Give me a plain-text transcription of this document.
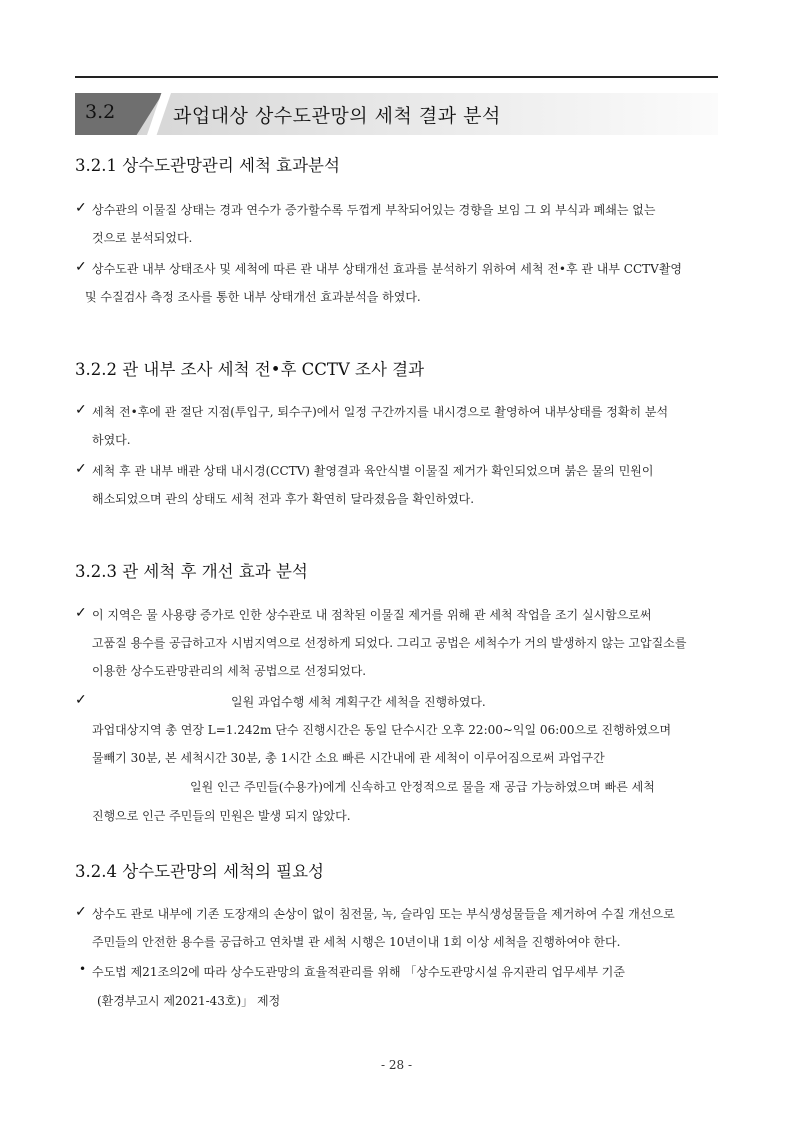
3.2	과업대상 상수도관망의 세척 결과 분석
3.2.1 상수도관망관리 세척 효과분석
✓ 상수관의 이물질 상태는 경과 연수가 증가할수록 두껍게 부착되어있는 경향을 보임 그 외 부식과 폐쇄는 없는
것으로 분석되었다.
✓ 상수도관 내부 상태조사 및 세척에 따른 관 내부 상태개선 효과를 분석하기 위하여 세척 전•후 관 내부 CCTV촬영
및 수질검사 측정 조사를 통한 내부 상태개선 효과분석을 하였다.
3.2.2 관 내부 조사 세척 전•후 CCTV 조사 결과
✓ 세척 전•후에 관 절단 지점(투입구, 퇴수구)에서 일정 구간까지를 내시경으로 촬영하여 내부상태를 정확히 분석
하였다.
✓ 세척 후 관 내부 배관 상태 내시경(CCTV) 촬영결과 육안식별 이물질 제거가 확인되었으며 붉은 물의 민원이
해소되었으며 관의 상태도 세척 전과 후가 확연히 달라졌음을 확인하였다.
3.2.3 관 세척 후 개선 효과 분석
✓ 이 지역은 물 사용량 증가로 인한 상수관로 내 점착된 이물질 제거를 위해 관 세척 작업을 조기 실시함으로써
고품질 용수를 공급하고자 시범지역으로 선정하게 되었다. 그리고 공법은 세척수가 거의 발생하지 않는 고압질소를
이용한 상수도관망관리의 세척 공법으로 선정되었다.
✓	일원 과업수행 세척 계획구간 세척을 진행하였다.
과업대상지역 총 연장 L=1.242m 단수 진행시간은 동일 단수시간 오후 22:00~익일 06:00으로 진행하였으며
물빼기 30분, 본 세척시간 30분, 총 1시간 소요 빠른 시간내에 관 세척이 이루어짐으로써 과업구간
일원 인근 주민들(수용가)에게 신속하고 안정적으로 물을 재 공급 가능하였으며 빠른 세척
진행으로 인근 주민들의 민원은 발생 되지 않았다.
3.2.4 상수도관망의 세척의 필요성
✓ 상수도 관로 내부에 기존 도장재의 손상이 없이 침전물, 녹, 슬라임 또는 부식생성물들을 제거하여 수질 개선으로
주민들의 안전한 용수를 공급하고 연차별 관 세척 시행은 10년이내 1회 이상 세척을 진행하여야 한다.
• 수도법 제21조의2에 따라 상수도관망의 효율적관리를 위해 「상수도관망시설 유지관리 업무세부 기준
(환경부고시 제2021-43호)」 제정
- 28 -
